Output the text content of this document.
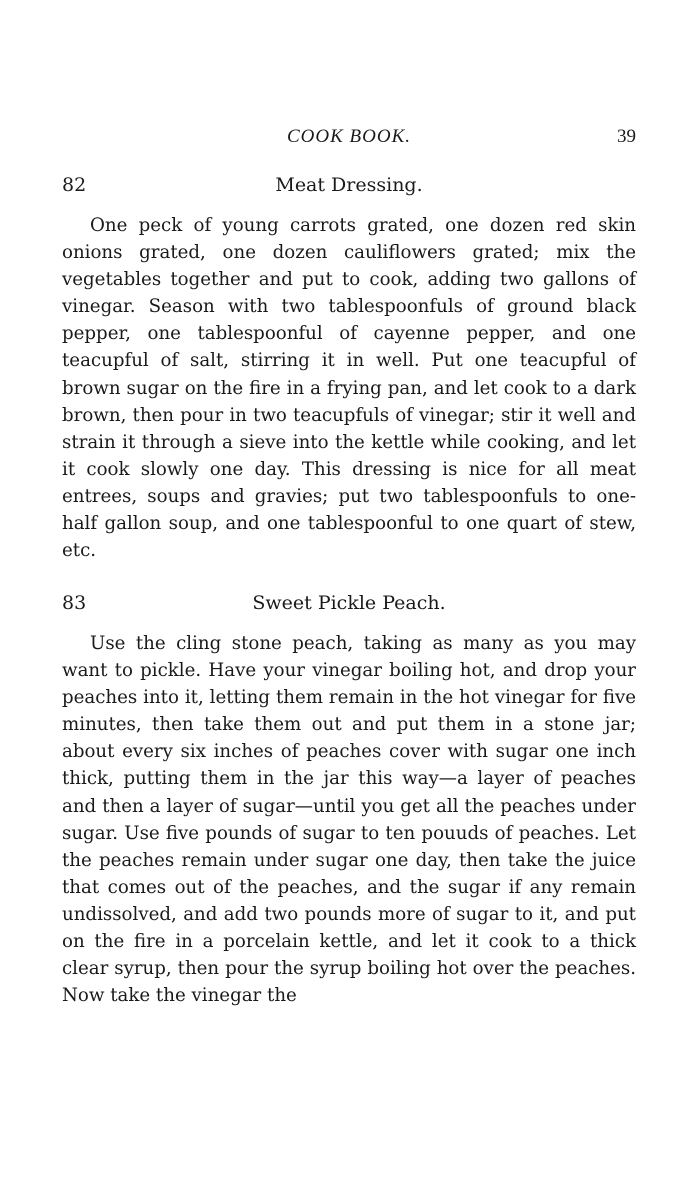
COOK BOOK.	39
82	Meat Dressing.

One peck of young carrots grated, one dozen red skin onions grated, one dozen cauliflowers grated; mix the vegetables together and put to cook, adding two gallons of vinegar. Season with two tablespoonfuls of ground black pepper, one tablespoonful of cayenne pepper, and one teacupful of salt, stirring it in well. Put one teacupful of brown sugar on the fire in a frying pan, and let cook to a dark brown, then pour in two teacupfuls of vinegar; stir it well and strain it through a sieve into the kettle while cooking, and let it cook slowly one day. This dressing is nice for all meat entrees, soups and gravies; put two tablespoonfuls to one-half gallon soup, and one tablespoonful to one quart of stew, etc.

83	Sweet Pickle Peach.

Use the cling stone peach, taking as many as you may want to pickle. Have your vinegar boiling hot, and drop your peaches into it, letting them remain in the hot vinegar for five minutes, then take them out and put them in a stone jar; about every six inches of peaches cover with sugar one inch thick, putting them in the jar this way—a layer of peaches and then a layer of sugar—until you get all the peaches under sugar. Use five pounds of sugar to ten pouuds of peaches. Let the peaches remain under sugar one day, then take the juice that comes out of the peaches, and the sugar if any remain undissolved, and add two pounds more of sugar to it, and put on the fire in a porcelain kettle, and let it cook to a thick clear syrup, then pour the syrup boiling hot over the peaches. Now take the vinegar the
